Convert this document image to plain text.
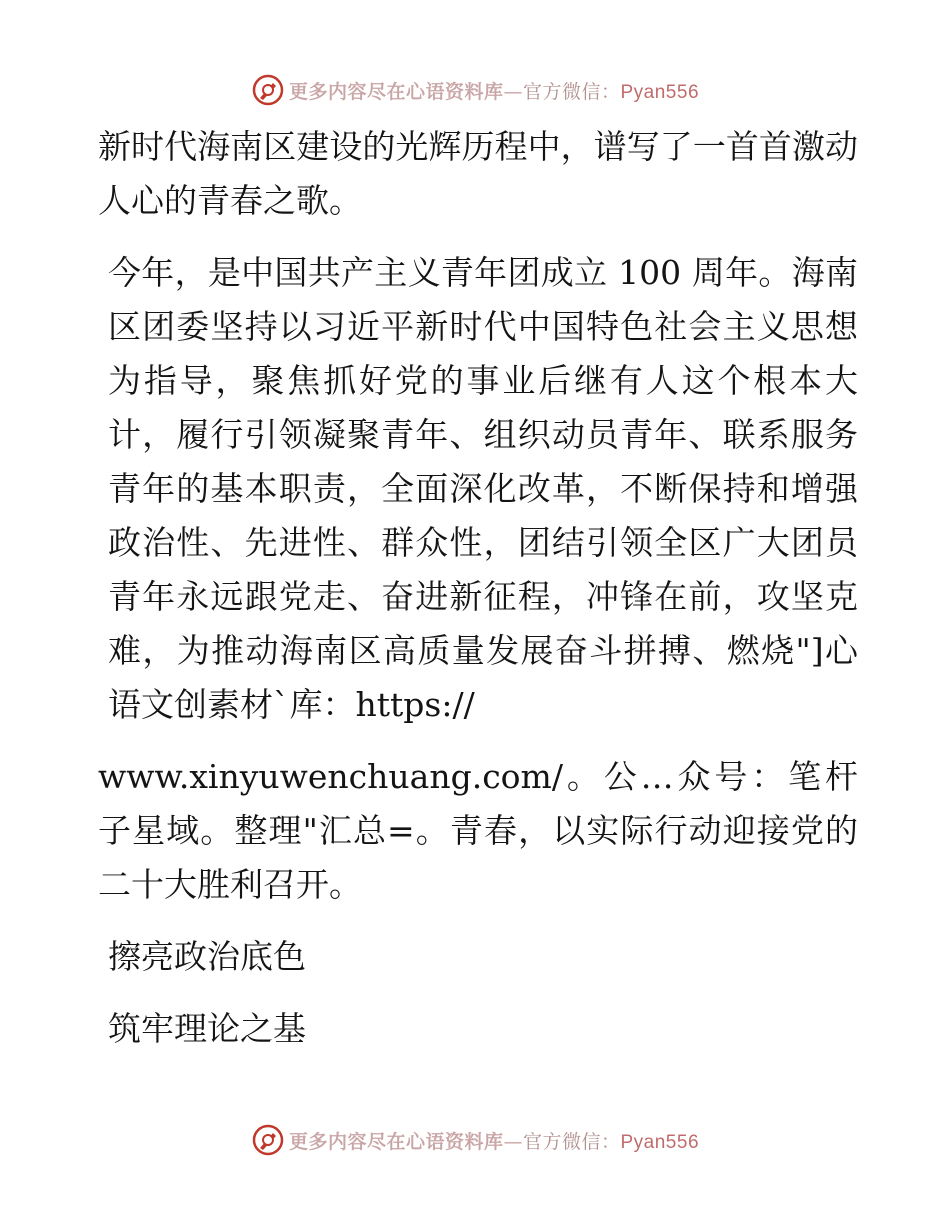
更多内容尽在心语资料库—官方微信：Pyan556

新时代海南区建设的光辉历程中，谱写了一首首激动人心的青春之歌。

今年，是中国共产主义青年团成立 100 周年。海南区团委坚持以习近平新时代中国特色社会主义思想为指导，聚焦抓好党的事业后继有人这个根本大计，履行引领凝聚青年、组织动员青年、联系服务青年的基本职责，全面深化改革，不断保持和增强政治性、先进性、群众性，团结引领全区广大团员青年永远跟党走、奋进新征程，冲锋在前，攻坚克难，为推动海南区高质量发展奋斗拼搏、燃烧"]心语文创素材`库：https://

www.xinyuwenchuang.com/。公…众号：笔杆子星域。整理"汇总=。青春，以实际行动迎接党的二十大胜利召开。

擦亮政治底色

筑牢理论之基

更多内容尽在心语资料库—官方微信：Pyan556
